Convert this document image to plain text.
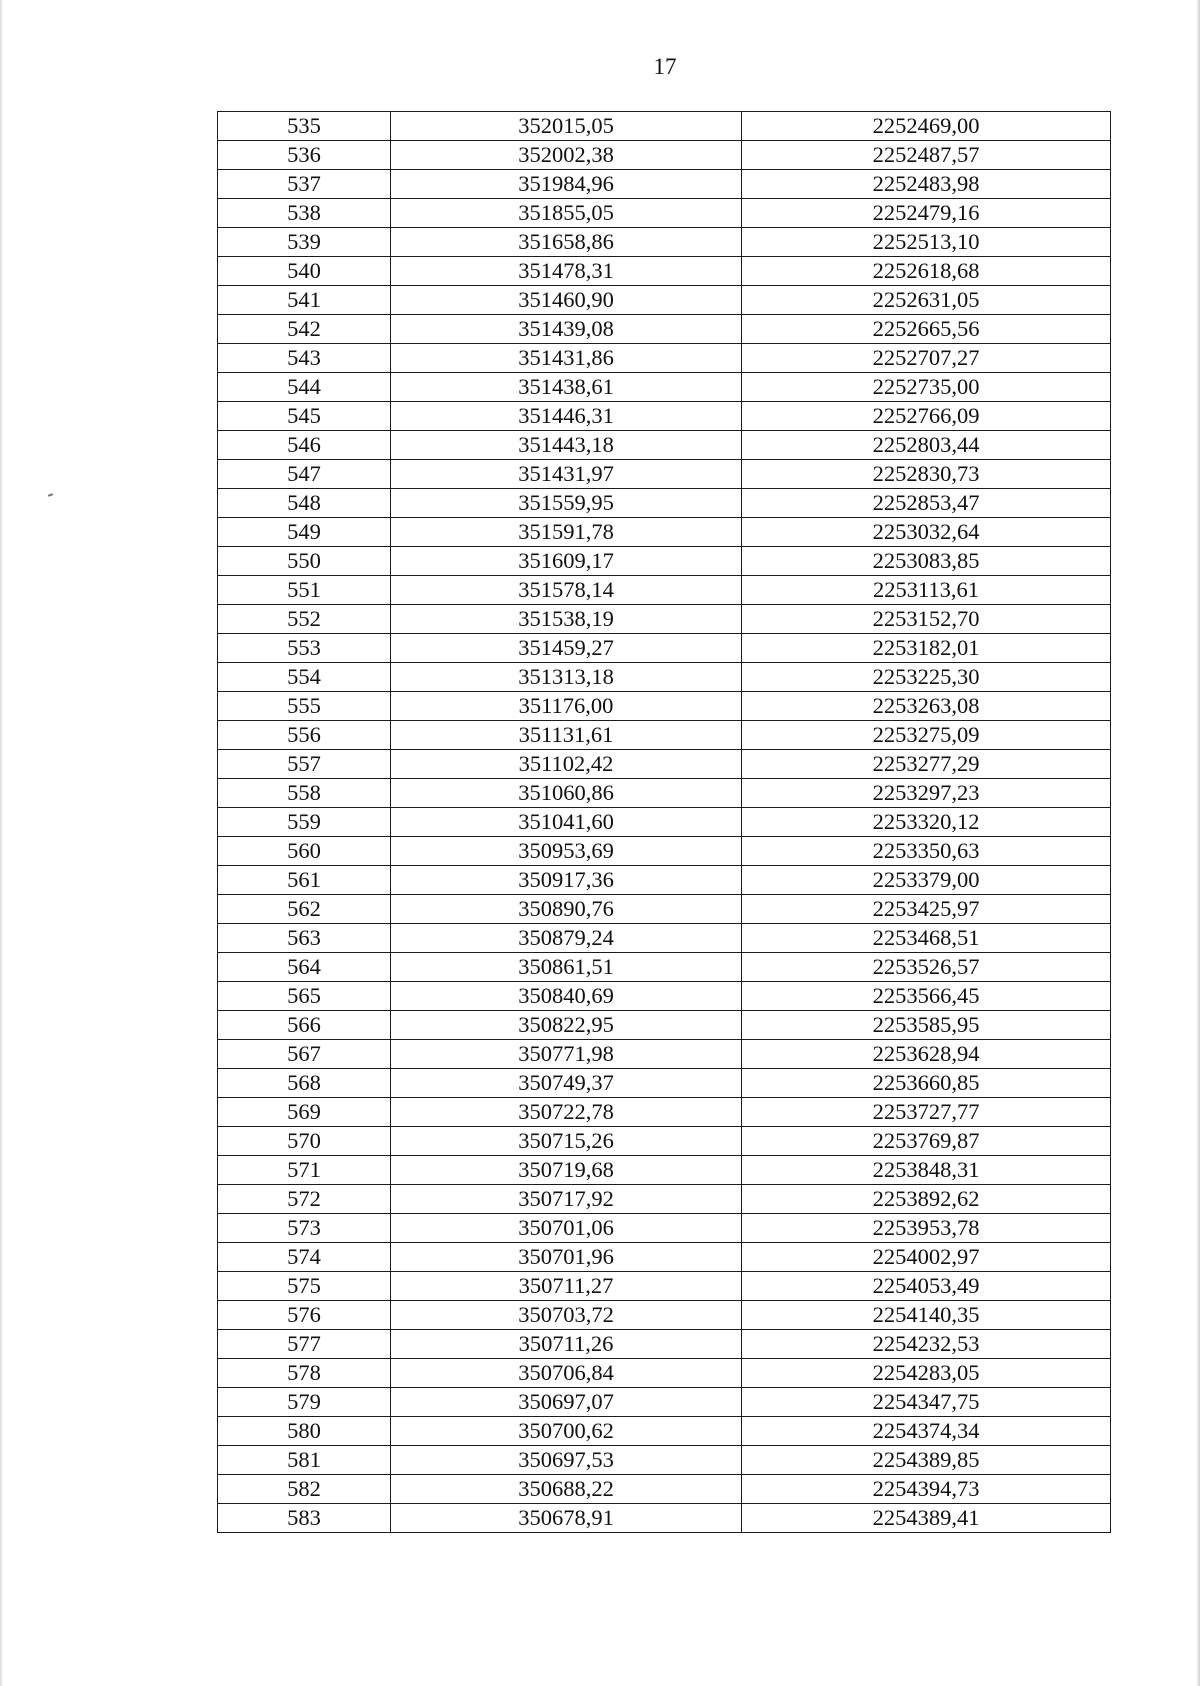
17
535	352015,05	2252469,00
536	352002,38	2252487,57
537	351984,96	2252483,98
538	351855,05	2252479,16
539	351658,86	2252513,10
540	351478,31	2252618,68
541	351460,90	2252631,05
542	351439,08	2252665,56
543	351431,86	2252707,27
544	351438,61	2252735,00
545	351446,31	2252766,09
546	351443,18	2252803,44
547	351431,97	2252830,73
548	351559,95	2252853,47
549	351591,78	2253032,64
550	351609,17	2253083,85
551	351578,14	2253113,61
552	351538,19	2253152,70
553	351459,27	2253182,01
554	351313,18	2253225,30
555	351176,00	2253263,08
556	351131,61	2253275,09
557	351102,42	2253277,29
558	351060,86	2253297,23
559	351041,60	2253320,12
560	350953,69	2253350,63
561	350917,36	2253379,00
562	350890,76	2253425,97
563	350879,24	2253468,51
564	350861,51	2253526,57
565	350840,69	2253566,45
566	350822,95	2253585,95
567	350771,98	2253628,94
568	350749,37	2253660,85
569	350722,78	2253727,77
570	350715,26	2253769,87
571	350719,68	2253848,31
572	350717,92	2253892,62
573	350701,06	2253953,78
574	350701,96	2254002,97
575	350711,27	2254053,49
576	350703,72	2254140,35
577	350711,26	2254232,53
578	350706,84	2254283,05
579	350697,07	2254347,75
580	350700,62	2254374,34
581	350697,53	2254389,85
582	350688,22	2254394,73
583	350678,91	2254389,41
